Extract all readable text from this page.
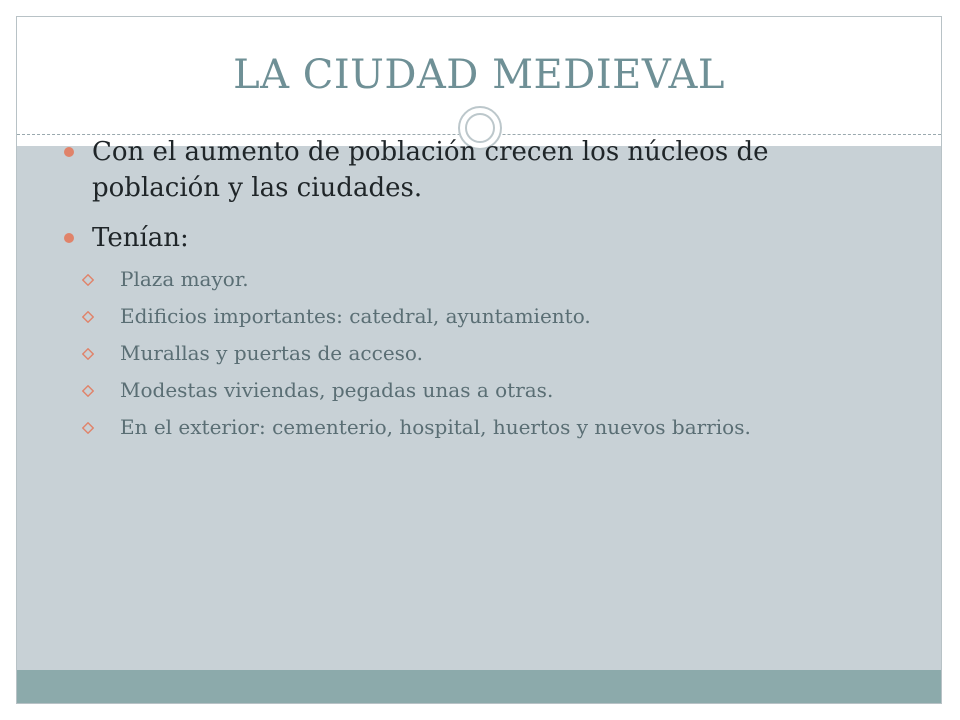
LA CIUDAD MEDIEVAL
Con el aumento de población crecen los núcleos de población y las ciudades.
Tenían:
Plaza mayor.
Edificios importantes: catedral, ayuntamiento.
Murallas y puertas de acceso.
Modestas viviendas, pegadas unas a otras.
En el exterior: cementerio, hospital, huertos y nuevos barrios.
